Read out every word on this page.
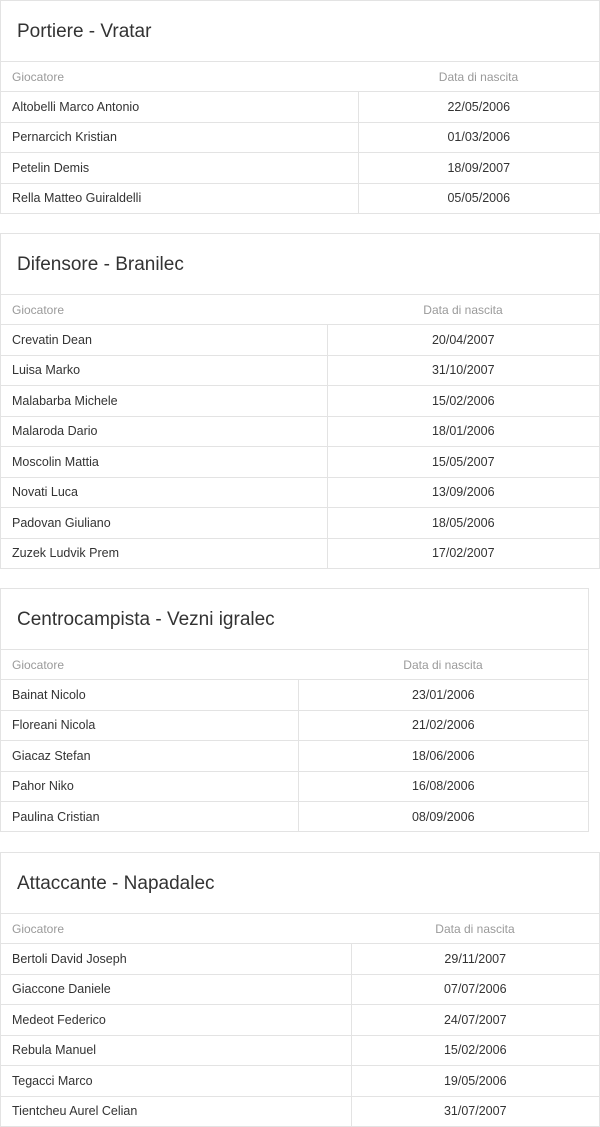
Portiere - Vratar
Giocatore	Data di nascita
Altobelli Marco Antonio	22/05/2006
Pernarcich Kristian	01/03/2006
Petelin Demis	18/09/2007
Rella Matteo Guiraldelli	05/05/2006
Difensore - Branilec
Giocatore	Data di nascita
Crevatin Dean	20/04/2007
Luisa Marko	31/10/2007
Malabarba Michele	15/02/2006
Malaroda Dario	18/01/2006
Moscolin Mattia	15/05/2007
Novati Luca	13/09/2006
Padovan Giuliano	18/05/2006
Zuzek Ludvik Prem	17/02/2007
Centrocampista - Vezni igralec
Giocatore	Data di nascita
Bainat Nicolo	23/01/2006
Floreani Nicola	21/02/2006
Giacaz Stefan	18/06/2006
Pahor Niko	16/08/2006
Paulina Cristian	08/09/2006
Attaccante - Napadalec
Giocatore	Data di nascita
Bertoli David Joseph	29/11/2007
Giaccone Daniele	07/07/2006
Medeot Federico	24/07/2007
Rebula Manuel	15/02/2006
Tegacci Marco	19/05/2006
Tientcheu Aurel Celian	31/07/2007
